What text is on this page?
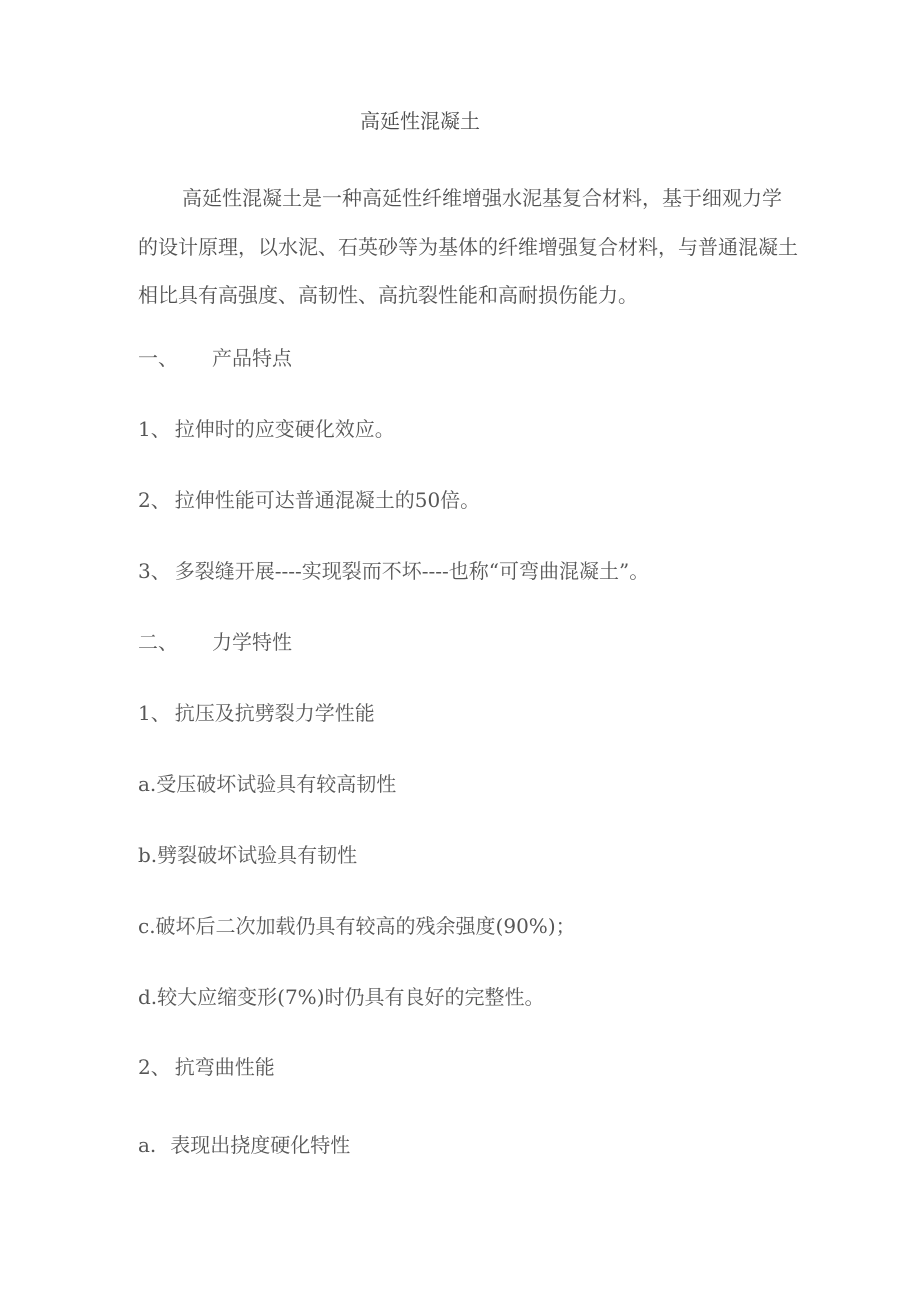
高延性混凝土

高延性混凝土是一种高延性纤维增强水泥基复合材料，基于细观力学的设计原理，以水泥、石英砂等为基体的纤维增强复合材料，与普通混凝土相比具有高强度、高韧性、高抗裂性能和高耐损伤能力。

一、 产品特点
1、 拉伸时的应变硬化效应。
2、 拉伸性能可达普通混凝土的50倍。
3、 多裂缝开展----实现裂而不坏----也称“可弯曲混凝土”。
二、 力学特性
1、 抗压及抗劈裂力学性能
a.受压破坏试验具有较高韧性
b.劈裂破坏试验具有韧性
c.破坏后二次加载仍具有较高的残余强度(90%)；
d.较大应缩变形(7%)时仍具有良好的完整性。
2、 抗弯曲性能
a. 表现出挠度硬化特性
